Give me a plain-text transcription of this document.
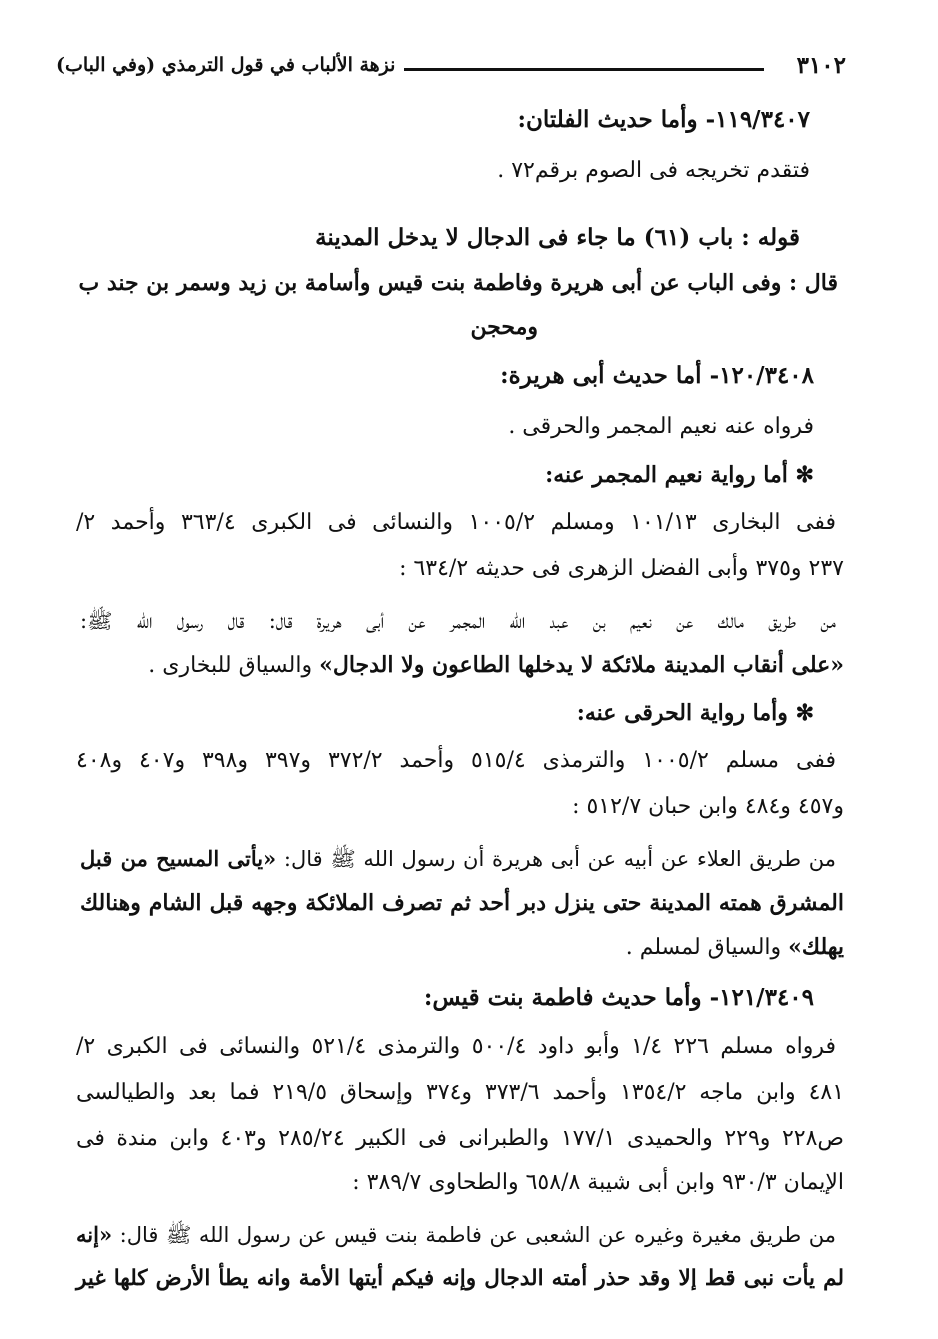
٣١٠٢
نزهة الألباب في قول الترمذي (وفي الباب)
١١٩/٣٤٠٧- وأما حديث الفلتان:
فتقدم تخريجه فى الصوم برقم٧٢ .
قوله : باب (٦١) ما جاء فى الدجال لا يدخل المدينة
قال : وفى الباب عن أبى هريرة وفاطمة بنت قيس وأسامة بن زيد وسمر بن جند ب
ومحجن
١٢٠/٣٤٠٨- أما حديث أبى هريرة:
فرواه عنه نعيم المجمر والحرقى .
✻ أما رواية نعيم المجمر عنه:
ففى البخارى ١٠١/١٣ ومسلم ١٠٠٥/٢ والنسائى فى الكبرى ٣٦٣/٤ وأحمد ٢/
٢٣٧ و٣٧٥ وأبى الفضل الزهرى فى حديثه ٦٣٤/٢ :
من طريق مالك عن نعيم بن عبد الله المجمر عن أبى هريرة قال: قال رسول الله ﷺ:
«على أنقاب المدينة ملائكة لا يدخلها الطاعون ولا الدجال» والسياق للبخارى .
✻ وأما رواية الحرقى عنه:
ففى مسلم ١٠٠٥/٢ والترمذى ٥١٥/٤ وأحمد ٣٧٢/٢ و٣٩٧ و٣٩٨ و٤٠٧ و٤٠٨
و٤٥٧ و٤٨٤ وابن حبان ٥١٢/٧ :
من طريق العلاء عن أبيه عن أبى هريرة أن رسول الله ﷺ قال: «يأتى المسيح من قبل
المشرق همته المدينة حتى ينزل دبر أحد ثم تصرف الملائكة وجهه قبل الشام وهنالك
يهلك» والسياق لمسلم .
١٢١/٣٤٠٩- وأما حديث فاطمة بنت قيس:
فرواه مسلم ٢٢٦ ١/٤ وأبو داود ٥٠٠/٤ والترمذى ٥٢١/٤ والنسائى فى الكبرى ٢/
٤٨١ وابن ماجه ١٣٥٤/٢ وأحمد ٣٧٣/٦ و٣٧٤ وإسحاق ٢١٩/٥ فما بعد والطيالسى
ص٢٢٨ و٢٢٩ والحميدى ١٧٧/١ والطبرانى فى الكبير ٢٨٥/٢٤ و٤٠٣ وابن مندة فى
الإيمان ٩٣٠/٣ وابن أبى شيبة ٦٥٨/٨ والطحاوى ٣٨٩/٧ :
من طريق مغيرة وغيره عن الشعبى عن فاطمة بنت قيس عن رسول الله ﷺ قال: «إنه
لم يأت نبى قط إلا وقد حذر أمته الدجال وإنه فيكم أيتها الأمة وانه يطأ الأرض كلها غير
